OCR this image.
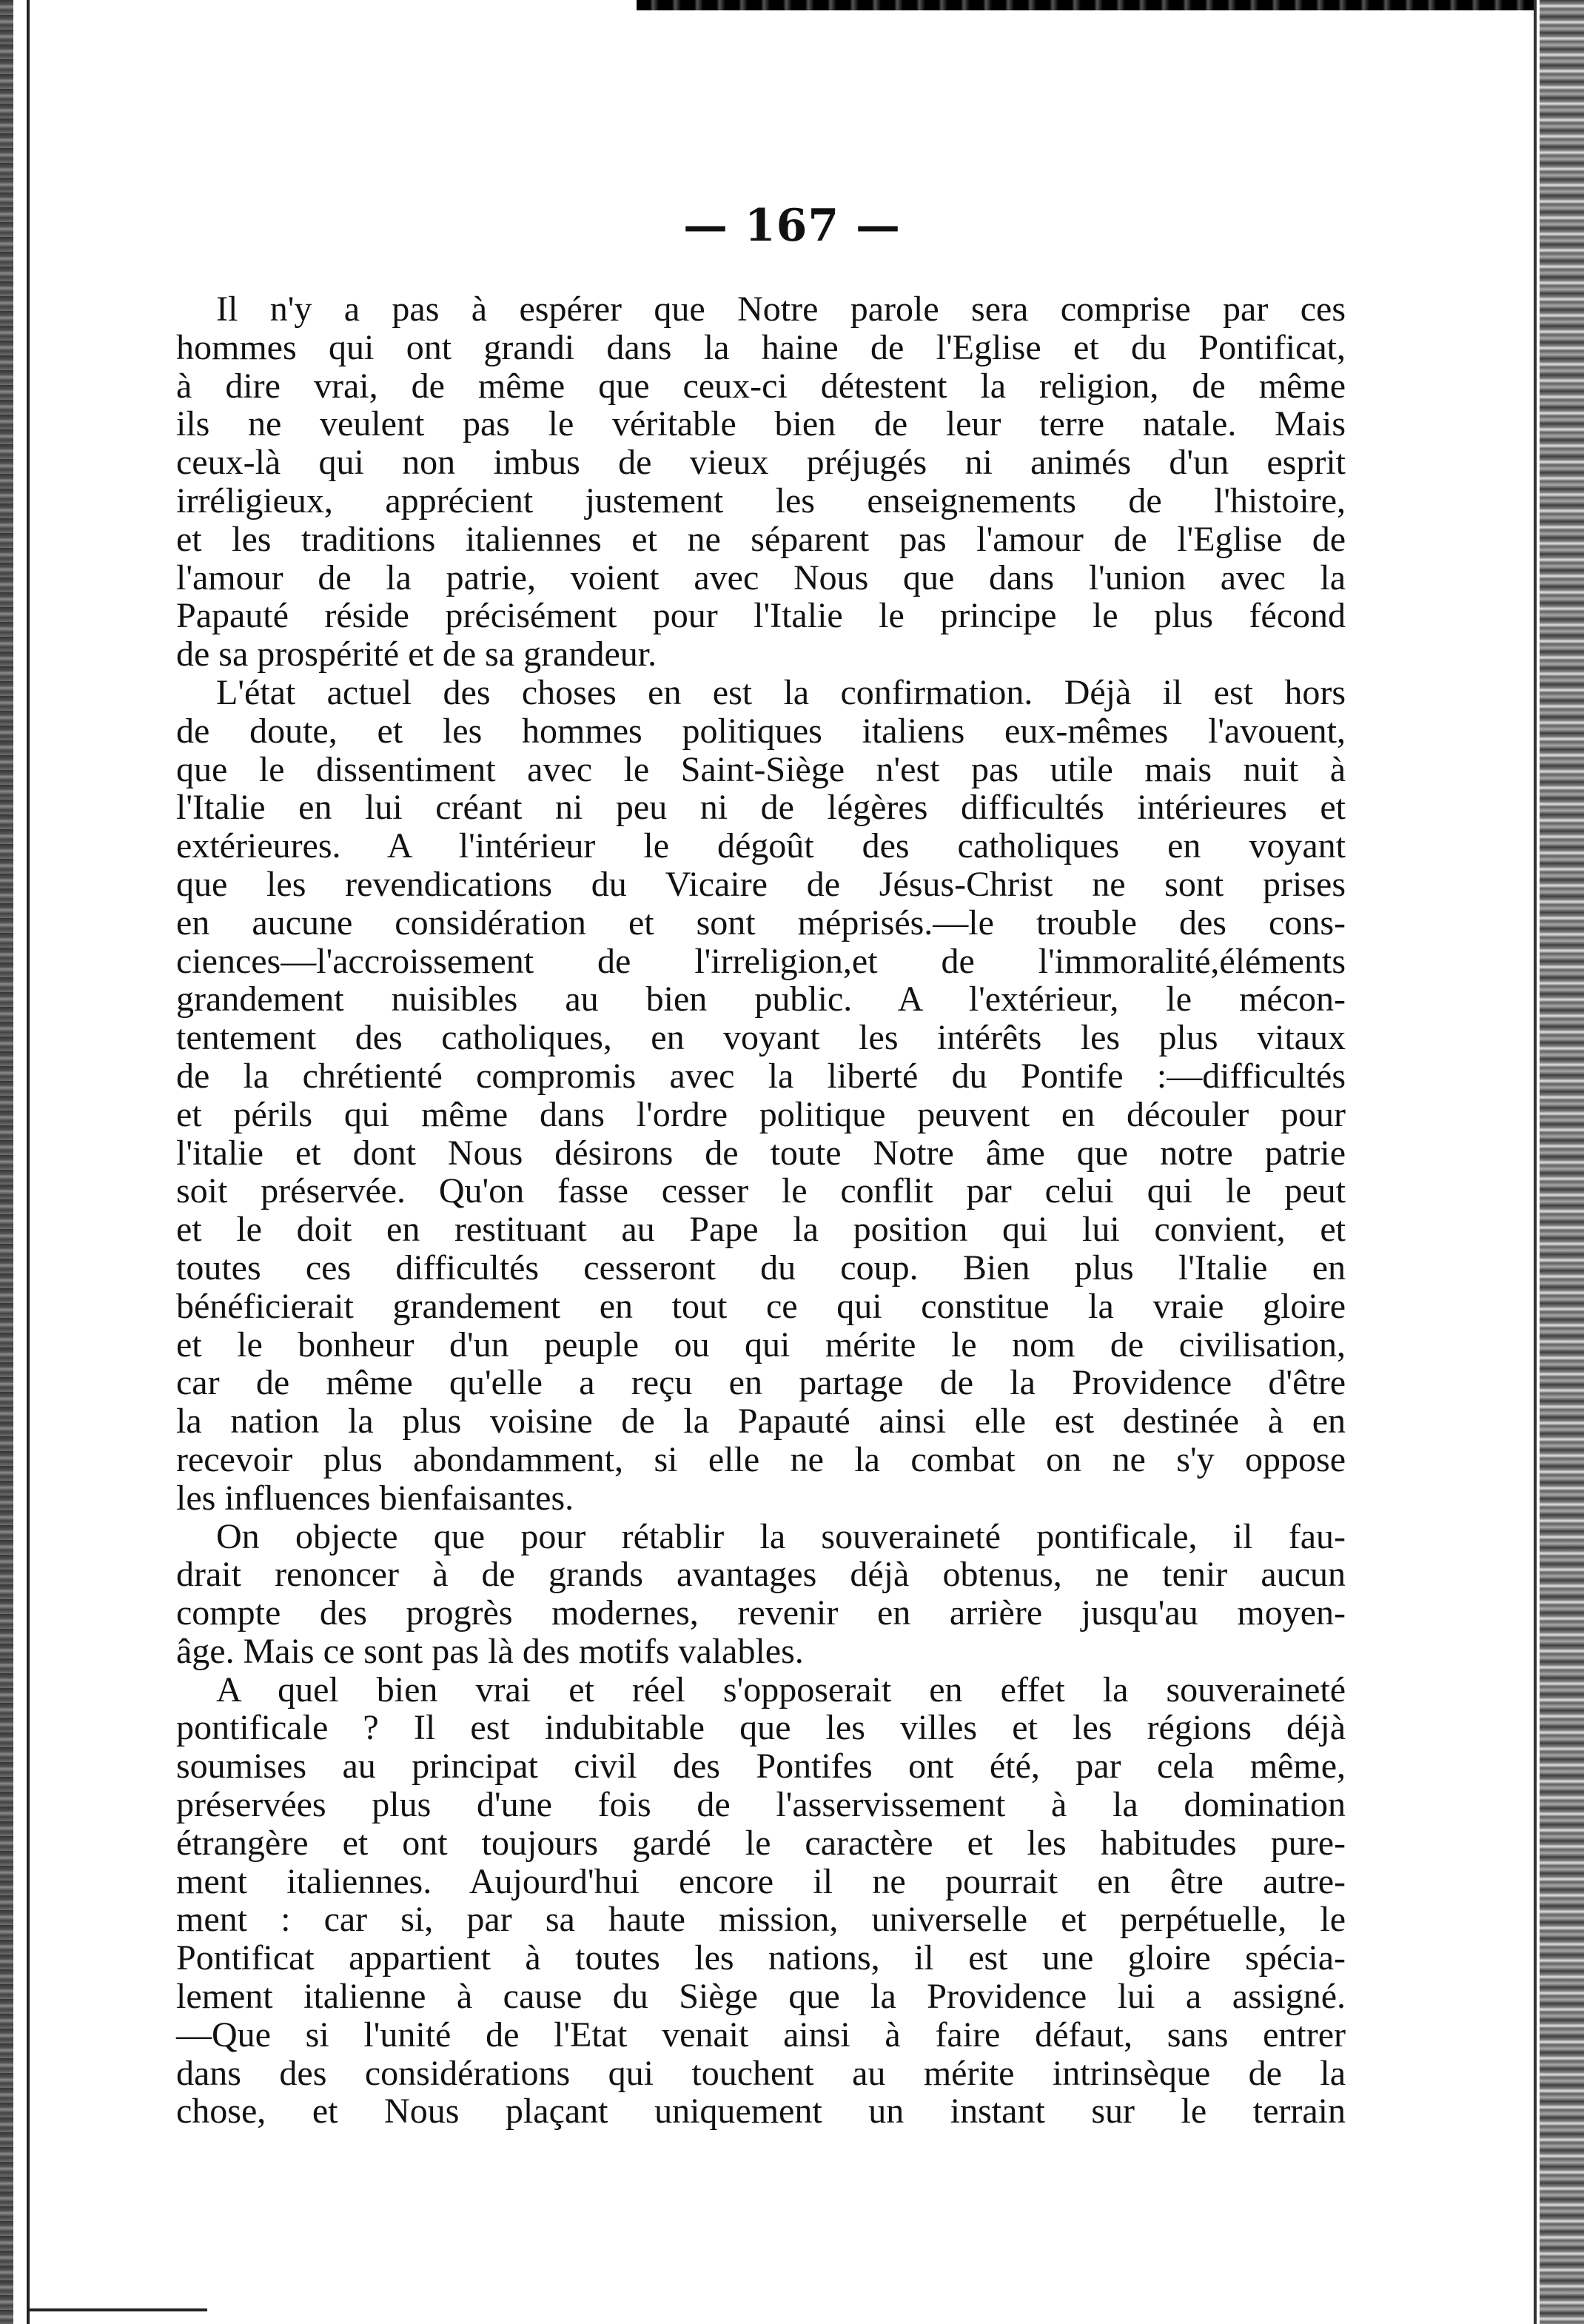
— 167 —
Il n'y a pas à espérer que Notre parole sera comprise par ces
hommes qui ont grandi dans la haine de l'Eglise et du Pontificat,
à dire vrai, de même que ceux-ci détestent la religion, de même
ils ne veulent pas le véritable bien de leur terre natale. Mais
ceux-là qui non imbus de vieux préjugés ni animés d'un esprit
irréligieux, apprécient justement les enseignements de l'histoire,
et les traditions italiennes et ne séparent pas l'amour de l'Eglise de
l'amour de la patrie, voient avec Nous que dans l'union avec la
Papauté réside précisément pour l'Italie le principe le plus fécond
de sa prospérité et de sa grandeur.
L'état actuel des choses en est la confirmation. Déjà il est hors
de doute, et les hommes politiques italiens eux-mêmes l'avouent,
que le dissentiment avec le Saint-Siège n'est pas utile mais nuit à
l'Italie en lui créant ni peu ni de légères difficultés intérieures et
extérieures. A l'intérieur le dégoût des catholiques en voyant
que les revendications du Vicaire de Jésus-Christ ne sont prises
en aucune considération et sont méprisés.—le trouble des cons-
ciences—l'accroissement de l'irreligion,et de l'immoralité,éléments
grandement nuisibles au bien public. A l'extérieur, le mécon-
tentement des catholiques, en voyant les intérêts les plus vitaux
de la chrétienté compromis avec la liberté du Pontife :—difficultés
et périls qui même dans l'ordre politique peuvent en découler pour
l'italie et dont Nous désirons de toute Notre âme que notre patrie
soit préservée. Qu'on fasse cesser le conflit par celui qui le peut
et le doit en restituant au Pape la position qui lui convient, et
toutes ces difficultés cesseront du coup. Bien plus l'Italie en
bénéficierait grandement en tout ce qui constitue la vraie gloire
et le bonheur d'un peuple ou qui mérite le nom de civilisation,
car de même qu'elle a reçu en partage de la Providence d'être
la nation la plus voisine de la Papauté ainsi elle est destinée à en
recevoir plus abondamment, si elle ne la combat on ne s'y oppose
les influences bienfaisantes.
On objecte que pour rétablir la souveraineté pontificale, il fau-
drait renoncer à de grands avantages déjà obtenus, ne tenir aucun
compte des progrès modernes, revenir en arrière jusqu'au moyen-
âge. Mais ce sont pas là des motifs valables.
A quel bien vrai et réel s'opposerait en effet la souveraineté
pontificale ? Il est indubitable que les villes et les régions déjà
soumises au principat civil des Pontifes ont été, par cela même,
préservées plus d'une fois de l'asservissement à la domination
étrangère et ont toujours gardé le caractère et les habitudes pure-
ment italiennes. Aujourd'hui encore il ne pourrait en être autre-
ment : car si, par sa haute mission, universelle et perpétuelle, le
Pontificat appartient à toutes les nations, il est une gloire spécia-
lement italienne à cause du Siège que la Providence lui a assigné.
—Que si l'unité de l'Etat venait ainsi à faire défaut, sans entrer
dans des considérations qui touchent au mérite intrinsèque de la
chose, et Nous plaçant uniquement un instant sur le terrain
